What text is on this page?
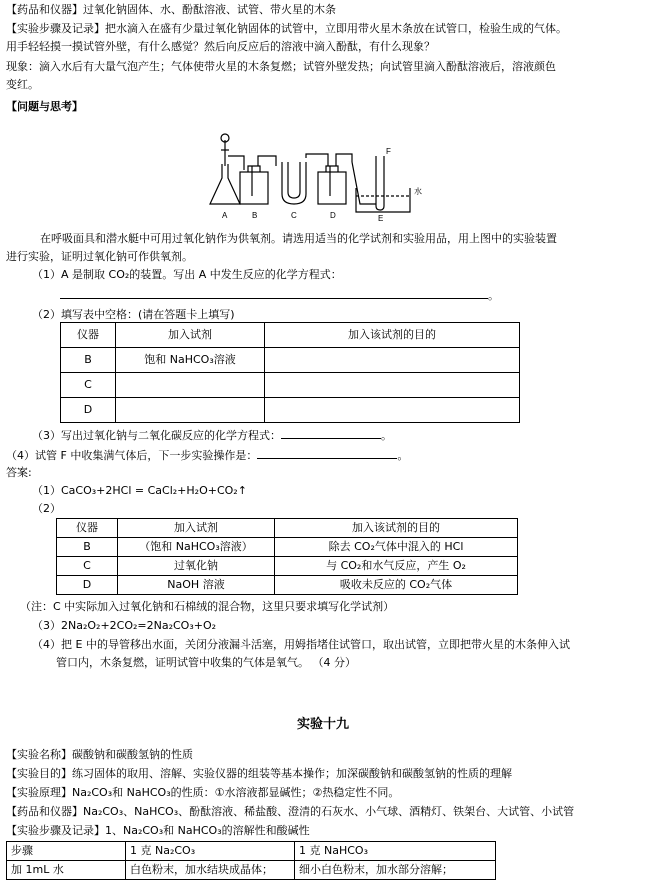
【药品和仪器】过氧化钠固体、水、酚酞溶液、试管、带火星的木条
【实验步骤及记录】把水滴入在盛有少量过氧化钠固体的试管中，立即用带火星木条放在试管口，检验生成的气体。
用手轻轻摸一摸试管外壁，有什么感觉？然后向反应后的溶液中滴入酚酞，有什么现象？
现象：滴入水后有大量气泡产生；气体使带火星的木条复燃；试管外壁发热；向试管里滴入酚酞溶液后，溶液颜色
变红。
【问题与思考】
A	B	C	D	E
F
水
在呼吸面具和潜水艇中可用过氧化钠作为供氧剂。请选用适当的化学试剂和实验用品，用上图中的实验装置
进行实验，证明过氧化钠可作供氧剂。
（1）A 是制取 CO₂的装置。写出 A 中发生反应的化学方程式：
。
（2）填写表中空格：(请在答题卡上填写)
仪器	加入试剂	加入该试剂的目的
B	饱和 NaHCO₃溶液	
C		
D		
（3）写出过氧化钠与二氧化碳反应的化学方程式：	。
（4）试管 F 中收集满气体后，下一步实验操作是：	。
答案:
（1）CaCO₃+2HCl = CaCl₂+H₂O+CO₂↑
（2）
仪器	加入试剂	加入该试剂的目的
B	（饱和 NaHCO₃溶液）	除去 CO₂气体中混入的 HCl
C	过氧化钠	与 CO₂和水气反应，产生 O₂
D	NaOH 溶液	吸收未反应的 CO₂气体
（注：C 中实际加入过氧化钠和石棉绒的混合物，这里只要求填写化学试剂）
（3）2Na₂O₂+2CO₂=2Na₂CO₃+O₂
（4）把 E 中的导管移出水面，关闭分液漏斗活塞，用姆指堵住试管口，取出试管，立即把带火星的木条伸入试
管口内，木条复燃，证明试管中收集的气体是氧气。 （4 分）
实验十九
【实验名称】碳酸钠和碳酸氢钠的性质
【实验目的】练习固体的取用、溶解、实验仪器的组装等基本操作；加深碳酸钠和碳酸氢钠的性质的理解
【实验原理】Na₂CO₃和 NaHCO₃的性质：①水溶液都显碱性；②热稳定性不同。
【药品和仪器】Na₂CO₃、NaHCO₃、酚酞溶液、稀盐酸、澄清的石灰水、小气球、酒精灯、铁架台、大试管、小试管
【实验步骤及记录】1、Na₂CO₃和 NaHCO₃的溶解性和酸碱性
步骤	1 克 Na₂CO₃	1 克 NaHCO₃
加 1mL 水	白色粉末，加水结块成晶体；	细小白色粉末，加水部分溶解；
